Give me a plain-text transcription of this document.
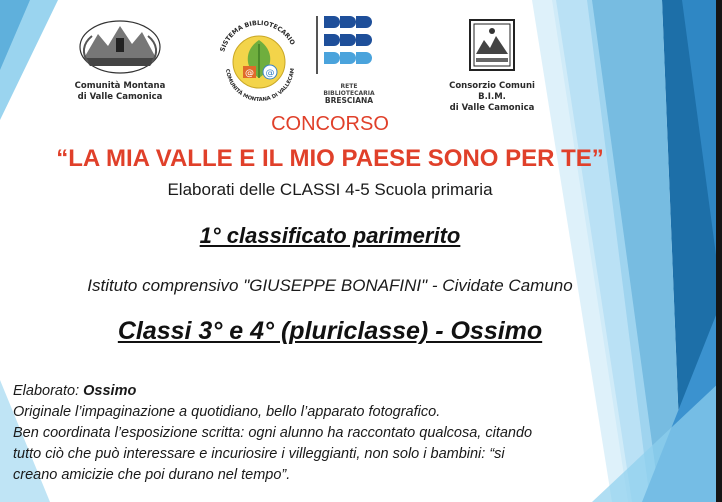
Comunità Montana
di Valle Camonica
SISTEMA BIBLIOTECARIO
COMUNITÀ MONTANA DI VALLECAM
@ @
RETE BIBLIOTECARIA
BRESCIANA
Consorzio Comuni B.I.M.
di Valle Camonica
CONCORSO
“LA MIA VALLE E IL MIO PAESE SONO PER TE”
Elaborati delle CLASSI 4-5 Scuola primaria
1° classificato parimerito
Istituto comprensivo "GIUSEPPE BONAFINI" - Cividate Camuno
Classi 3° e 4° (pluriclasse) - Ossimo
Elaborato: Ossimo
Originale l’impaginazione a quotidiano, bello l’apparato fotografico.
Ben coordinata l’esposizione scritta: ogni alunno ha raccontato qualcosa, citando
tutto ciò che può interessare e incuriosire i villeggianti, non solo i bambini: “si
creano amicizie che poi durano nel tempo”.
